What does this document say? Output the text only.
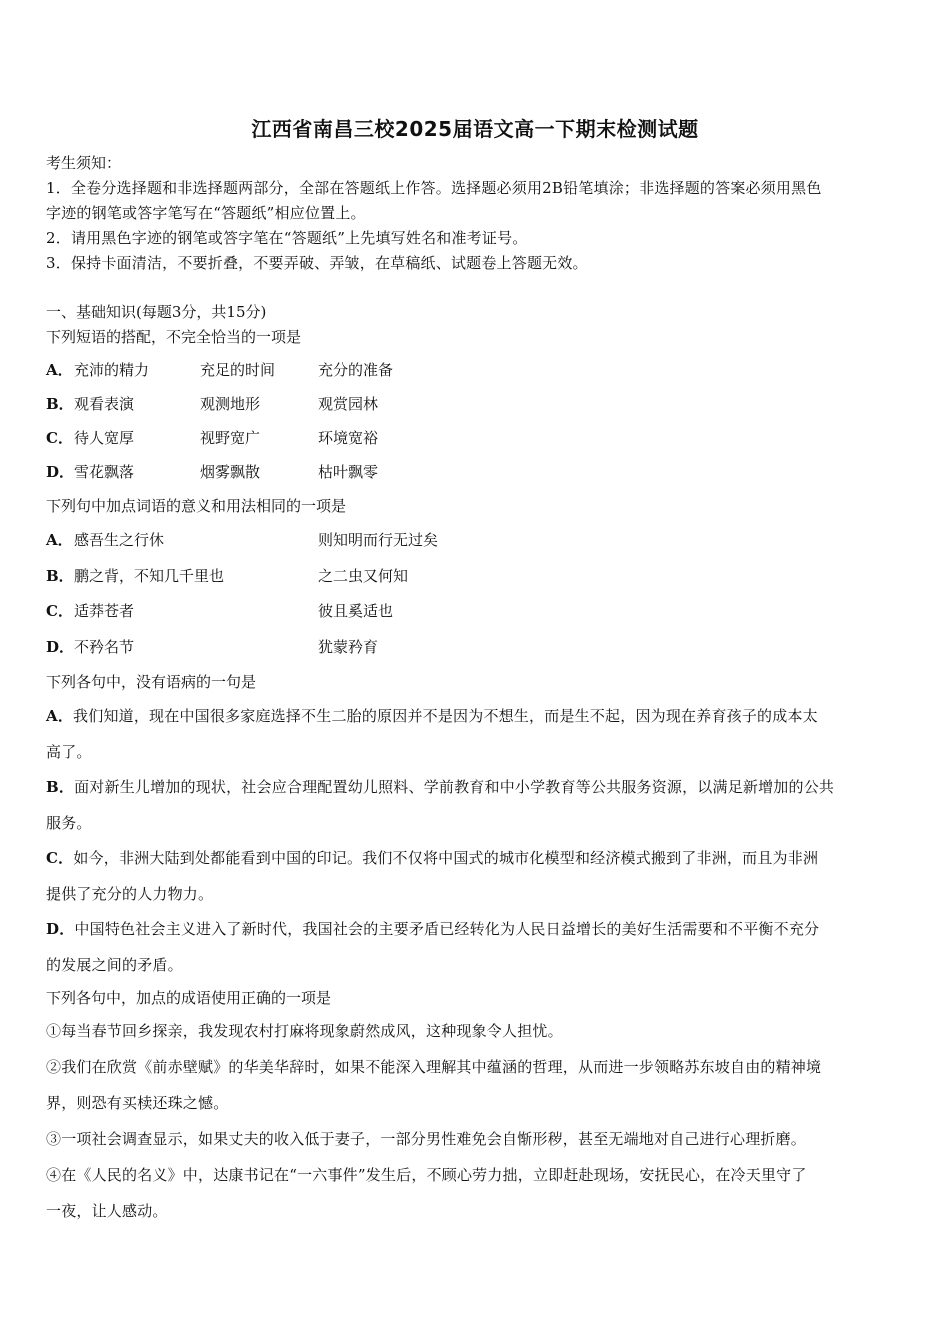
江西省南昌三校2025届语文高一下期末检测试题
考生须知：
1．全卷分选择题和非选择题两部分，全部在答题纸上作答。选择题必须用2B铅笔填涂；非选择题的答案必须用黑色
字迹的钢笔或答字笔写在“答题纸”相应位置上。
2．请用黑色字迹的钢笔或答字笔在“答题纸”上先填写姓名和准考证号。
3．保持卡面清洁，不要折叠，不要弄破、弄皱，在草稿纸、试题卷上答题无效。
一、基础知识(每题3分，共15分)
下列短语的搭配，不完全恰当的一项是
A．充沛的精力	充足的时间	充分的准备
B．观看表演	观测地形	观赏园林
C．待人宽厚	视野宽广	环境宽裕
D．雪花飘落	烟雾飘散	枯叶飘零
下列句中加点词语的意义和用法相同的一项是
A．感吾生之行休	则知明而行无过矣
B．鹏之背，不知几千里也	之二虫又何知
C．适莽苍者	彼且奚适也
D．不矜名节	犹蒙矜育
下列各句中，没有语病的一句是
A．我们知道，现在中国很多家庭选择不生二胎的原因并不是因为不想生，而是生不起，因为现在养育孩子的成本太
高了。
B．面对新生儿增加的现状，社会应合理配置幼儿照料、学前教育和中小学教育等公共服务资源，以满足新增加的公共
服务。
C．如今，非洲大陆到处都能看到中国的印记。我们不仅将中国式的城市化模型和经济模式搬到了非洲，而且为非洲
提供了充分的人力物力。
D．中国特色社会主义进入了新时代，我国社会的主要矛盾已经转化为人民日益增长的美好生活需要和不平衡不充分
的发展之间的矛盾。
下列各句中，加点的成语使用正确的一项是
①每当春节回乡探亲，我发现农村打麻将现象蔚然成风，这种现象令人担忧。
②我们在欣赏《前赤壁赋》的华美华辞时，如果不能深入理解其中蕴涵的哲理，从而进一步领略苏东坡自由的精神境
界，则恐有买椟还珠之憾。
③一项社会调查显示，如果丈夫的收入低于妻子，一部分男性难免会自惭形秽，甚至无端地对自己进行心理折磨。
④在《人民的名义》中，达康书记在“一六事件”发生后，不顾心劳力拙，立即赶赴现场，安抚民心，在冷天里守了
一夜，让人感动。
